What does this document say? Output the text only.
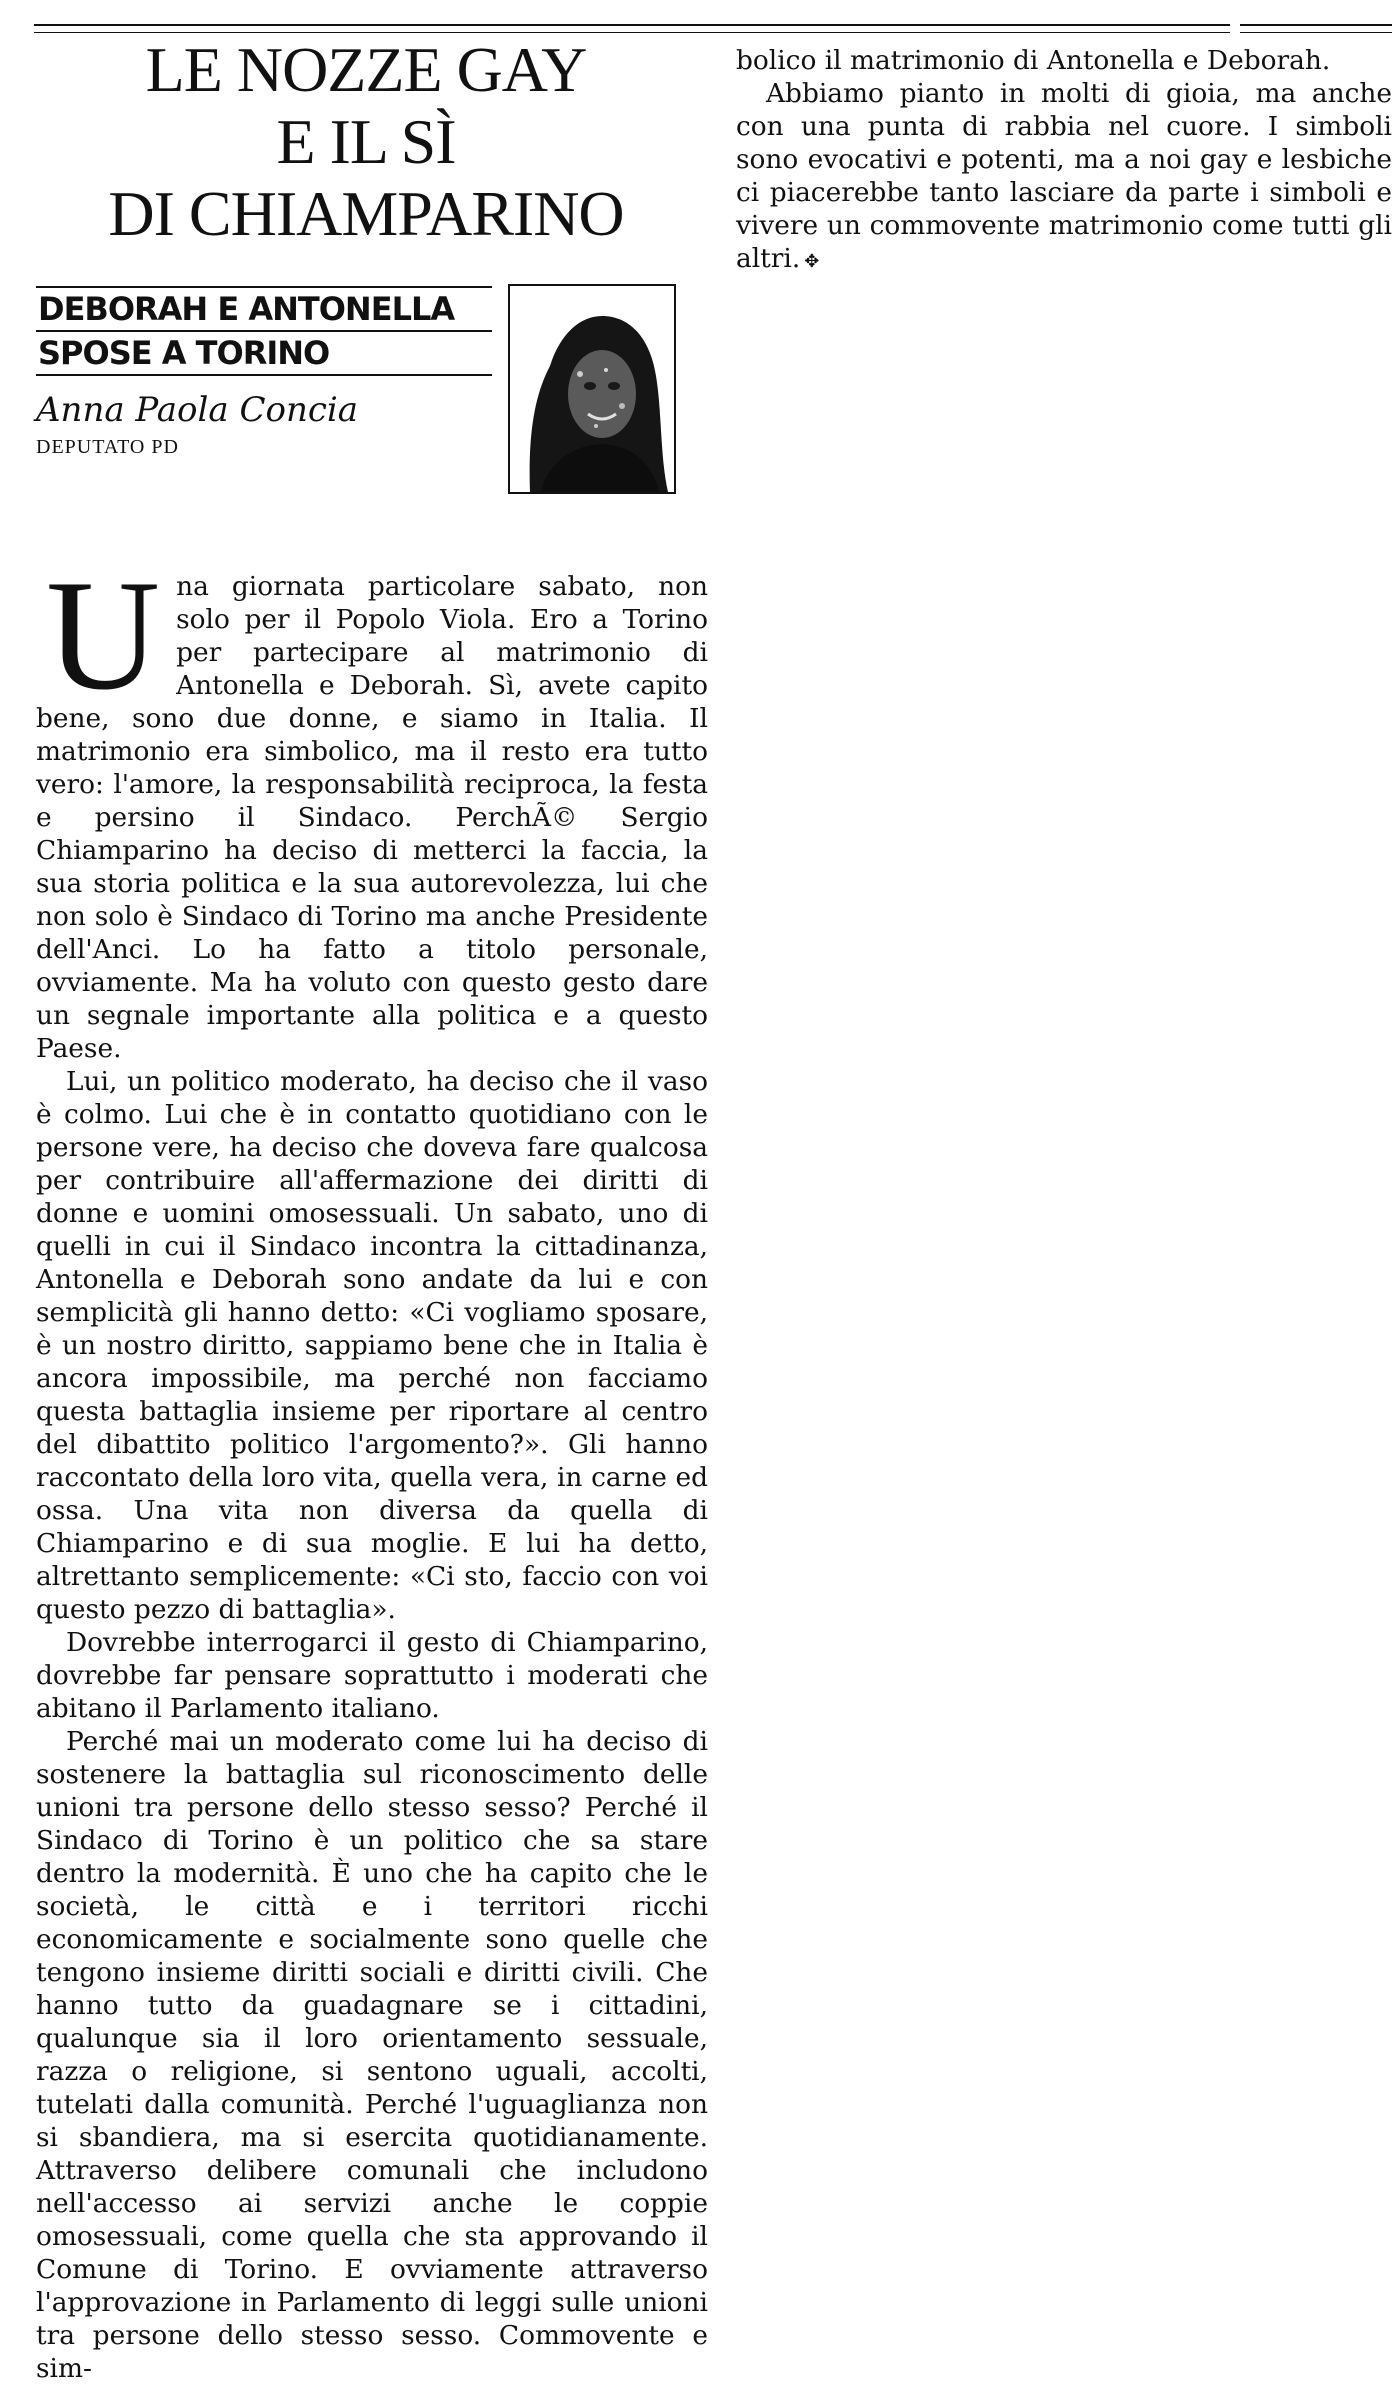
LE NOZZE GAY
E IL SÌ
DI CHIAMPARINO
DEBORAH E ANTONELLA
SPOSE A TORINO
Anna Paola Concia
DEPUTATO PD

Una giornata particolare sabato, non solo per il Popolo Viola. Ero a Torino per partecipare al matrimonio di Antonella e Deborah. Sì, avete capito bene, sono due donne, e siamo in Italia. Il matrimonio era simbolico, ma il resto era tutto vero: l'amore, la responsabilità reciproca, la festa e persino il Sindaco. PerchÃ© Sergio Chiamparino ha deciso di metterci la faccia, la sua storia politica e la sua autorevolezza, lui che non solo è Sindaco di Torino ma anche Presidente dell'Anci. Lo ha fatto a titolo personale, ovviamente. Ma ha voluto con questo gesto dare un segnale importante alla politica e a questo Paese.

Lui, un politico moderato, ha deciso che il vaso è colmo. Lui che è in contatto quotidiano con le persone vere, ha deciso che doveva fare qualcosa per contribuire all'affermazione dei diritti di donne e uomini omosessuali. Un sabato, uno di quelli in cui il Sindaco incontra la cittadinanza, Antonella e Deborah sono andate da lui e con semplicità gli hanno detto: «Ci vogliamo sposare, è un nostro diritto, sappiamo bene che in Italia è ancora impossibile, ma perché non facciamo questa battaglia insieme per riportare al centro del dibattito politico l'argomento?». Gli hanno raccontato della loro vita, quella vera, in carne ed ossa. Una vita non diversa da quella di Chiamparino e di sua moglie. E lui ha detto, altrettanto semplicemente: «Ci sto, faccio con voi questo pezzo di battaglia».

Dovrebbe interrogarci il gesto di Chiamparino, dovrebbe far pensare soprattutto i moderati che abitano il Parlamento italiano.

Perché mai un moderato come lui ha deciso di sostenere la battaglia sul riconoscimento delle unioni tra persone dello stesso sesso? Perché il Sindaco di Torino è un politico che sa stare dentro la modernità. È uno che ha capito che le società, le città e i territori ricchi economicamente e socialmente sono quelle che tengono insieme diritti sociali e diritti civili. Che hanno tutto da guadagnare se i cittadini, qualunque sia il loro orientamento sessuale, razza o religione, si sentono uguali, accolti, tutelati dalla comunità. Perché l'uguaglianza non si sbandiera, ma si esercita quotidianamente. Attraverso delibere comunali che includono nell'accesso ai servizi anche le coppie omosessuali, come quella che sta approvando il Comune di Torino. E ovviamente attraverso l'approvazione in Parlamento di leggi sulle unioni tra persone dello stesso sesso. Commovente e sim-

bolico il matrimonio di Antonella e Deborah.

Abbiamo pianto in molti di gioia, ma anche con una punta di rabbia nel cuore. I simboli sono evocativi e potenti, ma a noi gay e lesbiche ci piacerebbe tanto lasciare da parte i simboli e vivere un commovente matrimonio come tutti gli altri. ✥
